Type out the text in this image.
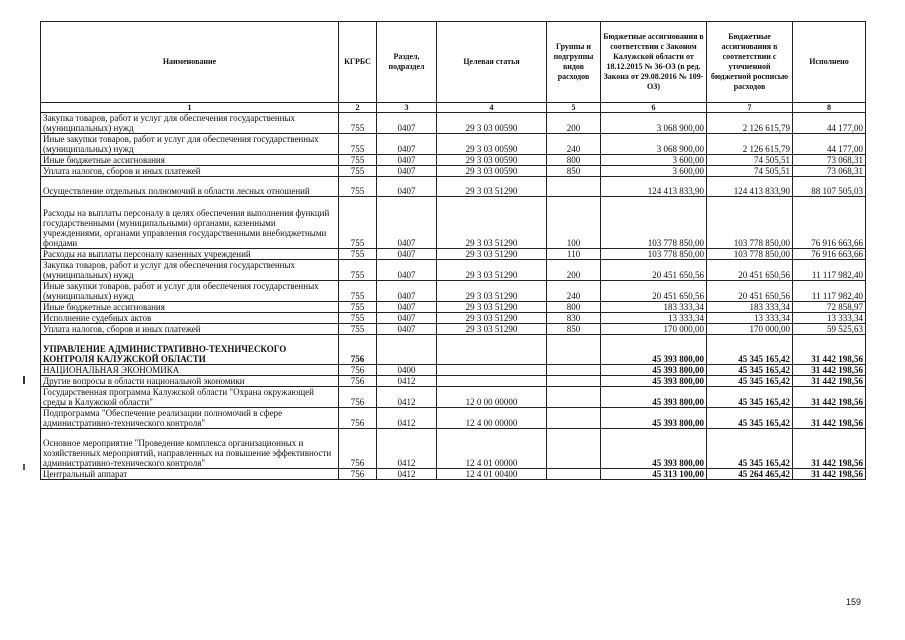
Наименование	КГРБС	Раздел, подраздел	Целевая статья	Группы и подгруппы видов расходов	Бюджетные ассигнования в соответствии с Законом Калужской области от 18.12.2015 № 36-ОЗ (в ред. Закона от 29.08.2016 № 109-ОЗ)	Бюджетные ассигнования в соответствии с уточненной бюджетной росписью расходов	Исполнено
1	2	3	4	5	6	7	8
Закупка товаров, работ и услуг для обеспечения государственных (муниципальных) нужд	755	0407	29 3 03 00590	200	3 068 900,00	2 126 615,79	44 177,00
Иные закупки товаров, работ и услуг для обеспечения государственных (муниципальных) нужд	755	0407	29 3 03 00590	240	3 068 900,00	2 126 615,79	44 177,00
Иные бюджетные ассигнования	755	0407	29 3 03 00590	800	3 600,00	74 505,51	73 068,31
Уплата налогов, сборов и иных платежей	755	0407	29 3 03 00590	850	3 600,00	74 505,51	73 068,31
Осуществление отдельных полномочий в области лесных отношений	755	0407	29 3 03 51290		124 413 833,90	124 413 833,90	88 107 505,03
Расходы на выплаты персоналу в целях обеспечения выполнения функций государственными (муниципальными) органами, казенными учреждениями, органами управления государственными внебюджетными фондами	755	0407	29 3 03 51290	100	103 778 850,00	103 778 850,00	76 916 663,66
Расходы на выплаты персоналу казенных учреждений	755	0407	29 3 03 51290	110	103 778 850,00	103 778 850,00	76 916 663,66
Закупка товаров, работ и услуг для обеспечения государственных (муниципальных) нужд	755	0407	29 3 03 51290	200	20 451 650,56	20 451 650,56	11 117 982,40
Иные закупки товаров, работ и услуг для обеспечения государственных (муниципальных) нужд	755	0407	29 3 03 51290	240	20 451 650,56	20 451 650,56	11 117 982,40
Иные бюджетные ассигнования	755	0407	29 3 03 51290	800	183 333,34	183 333,34	72 858,97
Исполнение судебных актов	755	0407	29 3 03 51290	830	13 333,34	13 333,34	13 333,34
Уплата налогов, сборов и иных платежей	755	0407	29 3 03 51290	850	170 000,00	170 000,00	59 525,63
УПРАВЛЕНИЕ АДМИНИСТРАТИВНО-ТЕХНИЧЕСКОГО КОНТРОЛЯ КАЛУЖСКОЙ ОБЛАСТИ	756				45 393 800,00	45 345 165,42	31 442 198,56
НАЦИОНАЛЬНАЯ ЭКОНОМИКА	756	0400			45 393 800,00	45 345 165,42	31 442 198,56
Другие вопросы в области национальной экономики	756	0412			45 393 800,00	45 345 165,42	31 442 198,56
Государственная программа Калужской области "Охрана окружающей среды в Калужской области"	756	0412	12 0 00 00000		45 393 800,00	45 345 165,42	31 442 198,56
Подпрограмма "Обеспечение реализации полномочий в сфере административно-технического контроля"	756	0412	12 4 00 00000		45 393 800,00	45 345 165,42	31 442 198,56
Основное мероприятие "Проведение комплекса организационных и хозяйственных мероприятий, направленных на повышение эффективности административно-технического контроля"	756	0412	12 4 01 00000		45 393 800,00	45 345 165,42	31 442 198,56
Центральный аппарат	756	0412	12 4 01 00400		45 313 100,00	45 264 465,42	31 442 198,56
159
